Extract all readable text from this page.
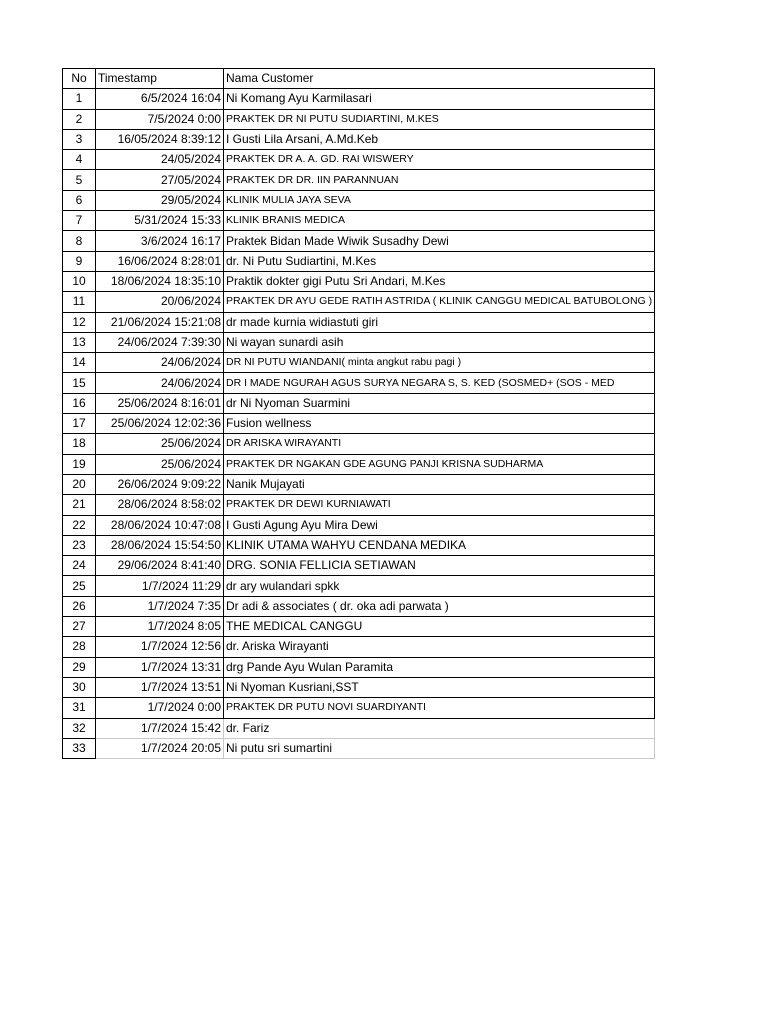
No	Timestamp	Nama Customer
1	6/5/2024 16:04	Ni Komang Ayu Karmilasari
2	7/5/2024 0:00	PRAKTEK DR NI PUTU SUDIARTINI, M.KES
3	16/05/2024 8:39:12	I Gusti Lila Arsani, A.Md.Keb
4	24/05/2024	PRAKTEK DR A. A. GD. RAI WISWERY
5	27/05/2024	PRAKTEK DR DR. IIN PARANNUAN
6	29/05/2024	KLINIK MULIA JAYA SEVA
7	5/31/2024 15:33	KLINIK BRANIS MEDICA
8	3/6/2024 16:17	Praktek Bidan Made Wiwik Susadhy Dewi
9	16/06/2024 8:28:01	dr. Ni Putu Sudiartini, M.Kes
10	18/06/2024 18:35:10	Praktik dokter gigi Putu Sri Andari, M.Kes
11	20/06/2024	PRAKTEK DR AYU GEDE RATIH ASTRIDA ( KLINIK CANGGU MEDICAL BATUBOLONG )
12	21/06/2024 15:21:08	dr made kurnia widiastuti giri
13	24/06/2024 7:39:30	Ni wayan sunardi asih
14	24/06/2024	DR NI PUTU WIANDANI( minta angkut rabu pagi )
15	24/06/2024	DR I MADE NGURAH AGUS SURYA NEGARA S, S. KED (SOSMED+ (SOS - MED
16	25/06/2024 8:16:01	dr Ni Nyoman Suarmini
17	25/06/2024 12:02:36	Fusion wellness
18	25/06/2024	DR ARISKA WIRAYANTI
19	25/06/2024	PRAKTEK DR NGAKAN GDE AGUNG PANJI KRISNA SUDHARMA
20	26/06/2024 9:09:22	Nanik Mujayati
21	28/06/2024 8:58:02	PRAKTEK DR DEWI KURNIAWATI
22	28/06/2024 10:47:08	I Gusti Agung Ayu Mira Dewi
23	28/06/2024 15:54:50	KLINIK UTAMA WAHYU CENDANA MEDIKA
24	29/06/2024 8:41:40	DRG. SONIA FELLICIA SETIAWAN
25	1/7/2024 11:29	dr ary wulandari spkk
26	1/7/2024 7:35	Dr adi & associates ( dr. oka adi parwata )
27	1/7/2024 8:05	THE MEDICAL CANGGU
28	1/7/2024 12:56	dr. Ariska Wirayanti
29	1/7/2024 13:31	drg Pande Ayu Wulan Paramita
30	1/7/2024 13:51	Ni Nyoman Kusriani,SST
31	1/7/2024 0:00	PRAKTEK DR PUTU NOVI SUARDIYANTI
32	1/7/2024 15:42	dr. Fariz
33	1/7/2024 20:05	Ni putu sri sumartini
